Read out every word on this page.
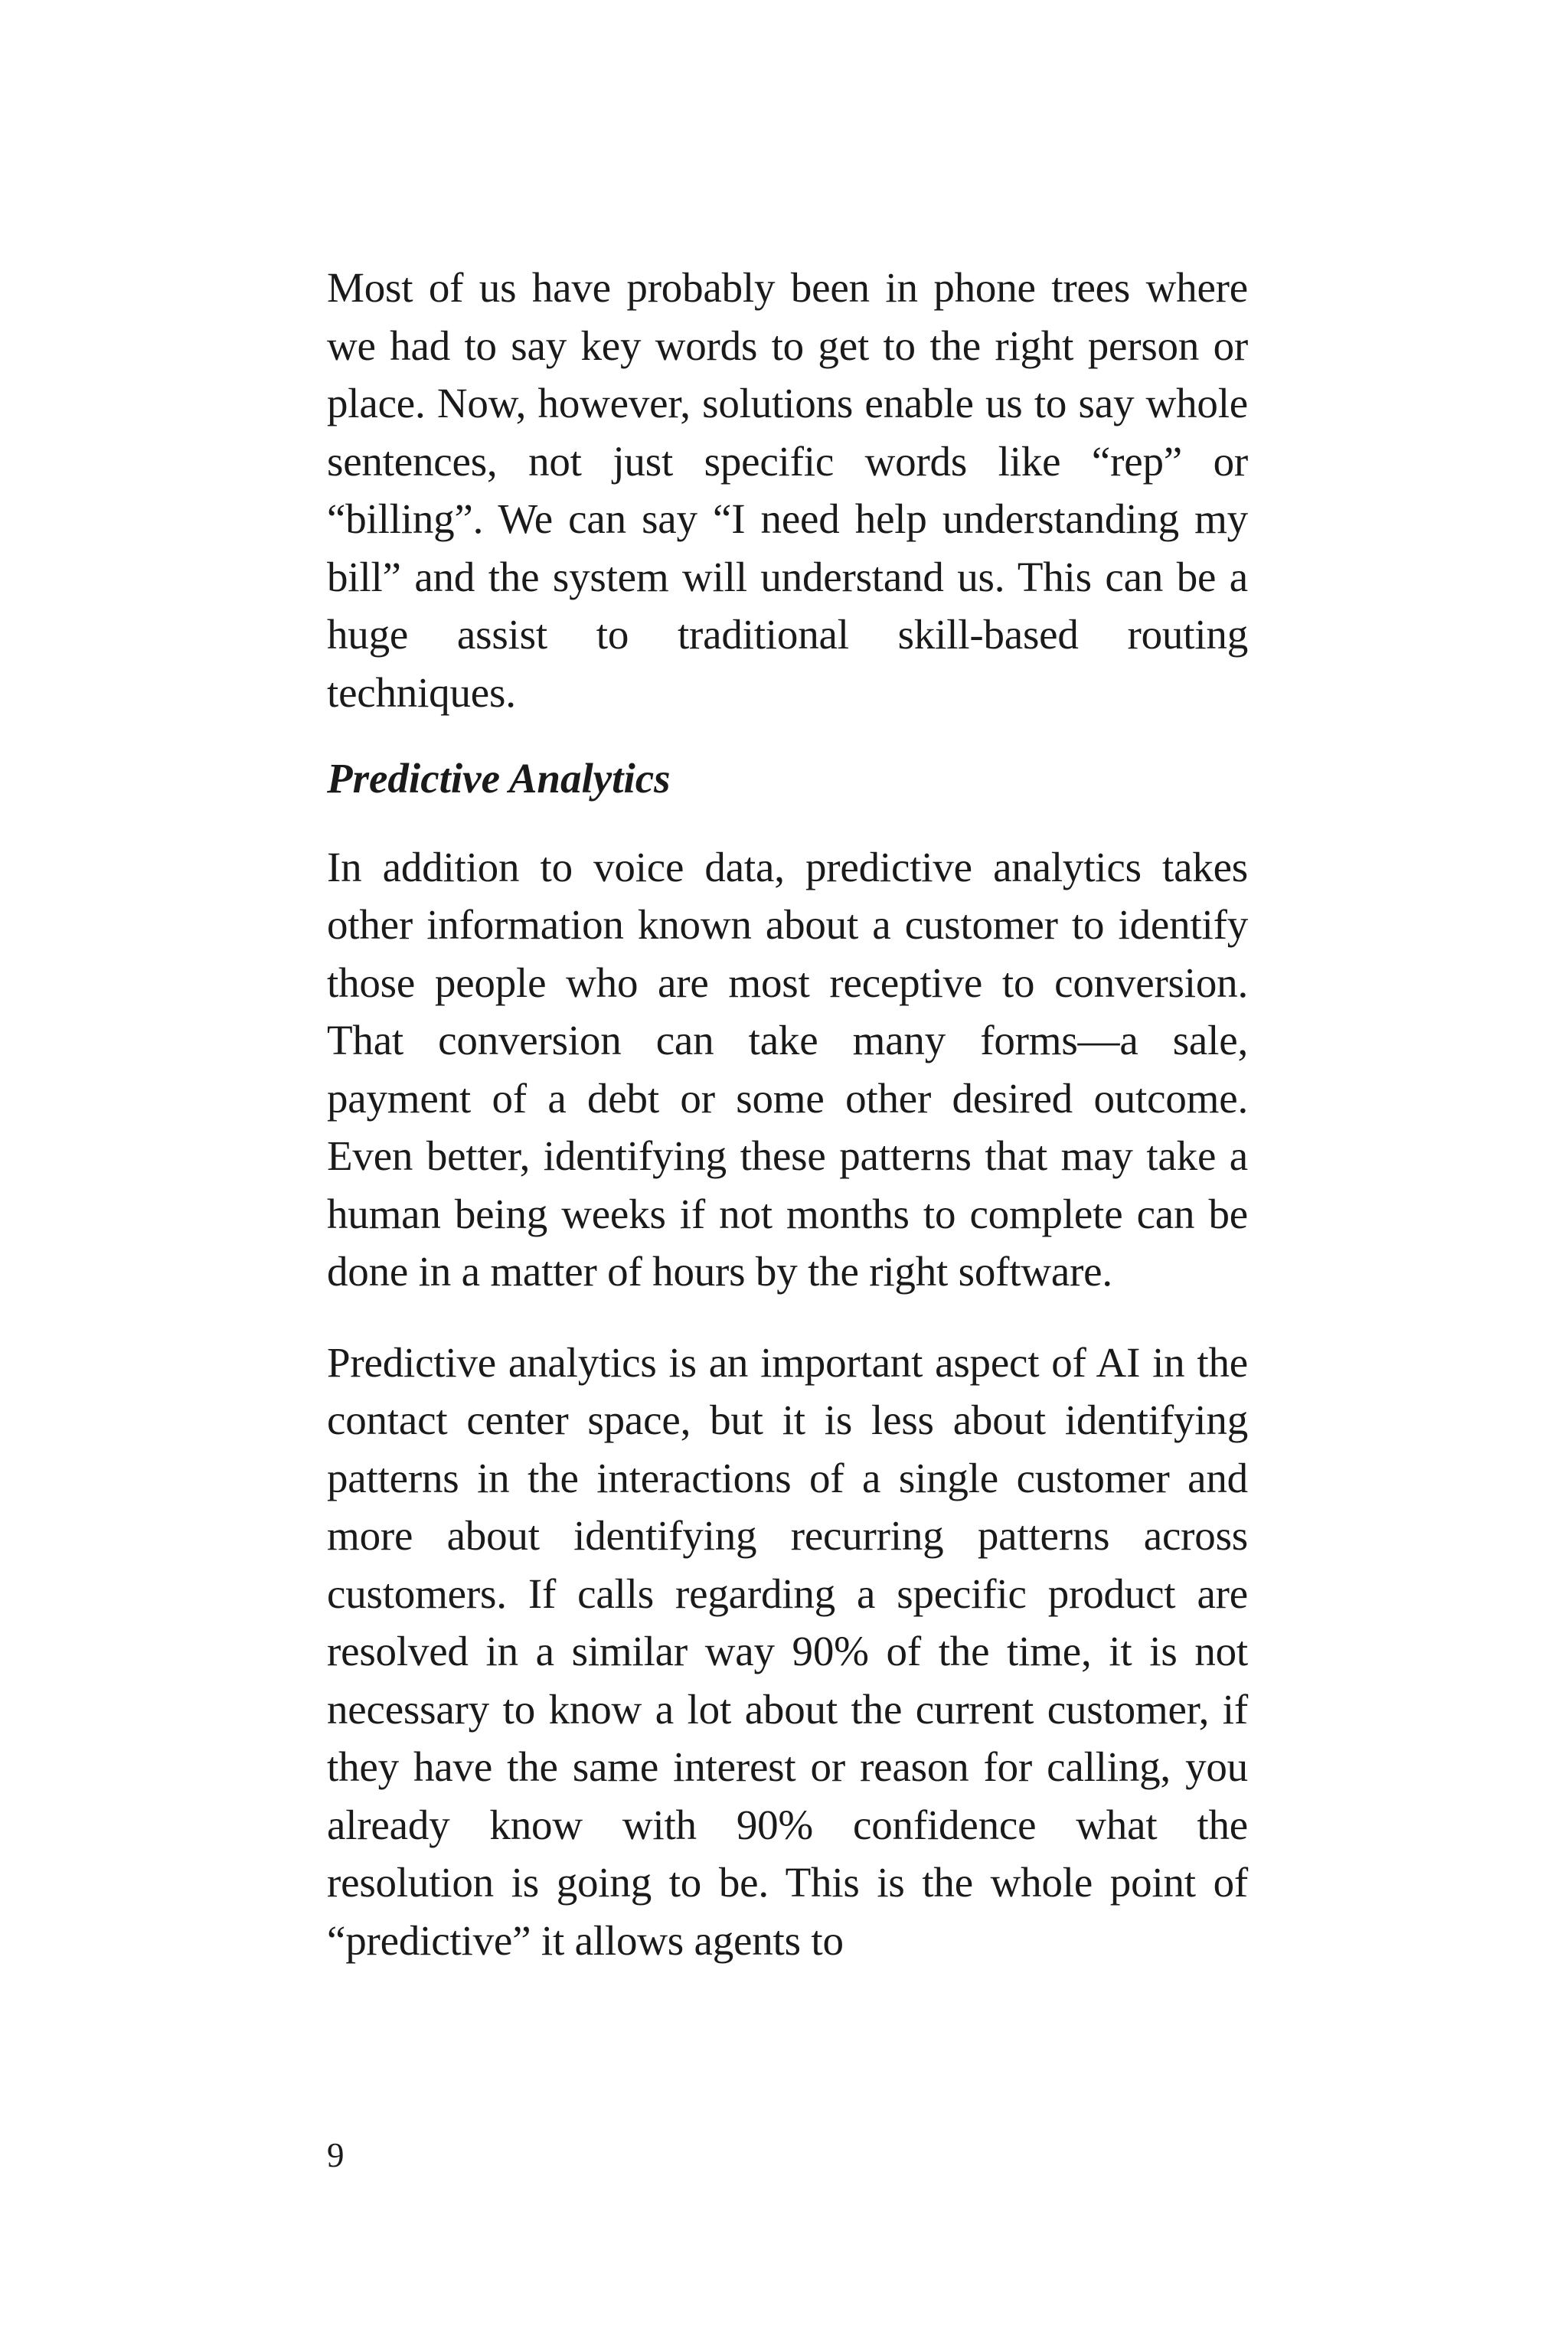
Most of us have probably been in phone trees where we had to say key words to get to the right person or place. Now, however, solutions enable us to say whole sentences, not just specific words like “rep” or “billing”. We can say “I need help understanding my bill” and the system will understand us. This can be a huge assist to traditional skill-based routing techniques.

Predictive Analytics

In addition to voice data, predictive analytics takes other information known about a customer to identify those people who are most receptive to conversion. That conversion can take many forms—a sale, payment of a debt or some other desired outcome. Even better, identifying these patterns that may take a human being weeks if not months to complete can be done in a matter of hours by the right software.

Predictive analytics is an important aspect of AI in the contact center space, but it is less about identifying patterns in the interactions of a single customer and more about identifying recurring patterns across customers. If calls regarding a specific product are resolved in a similar way 90% of the time, it is not necessary to know a lot about the current customer, if they have the same interest or reason for calling, you already know with 90% confidence what the resolution is going to be. This is the whole point of “predictive” it allows agents to

9
